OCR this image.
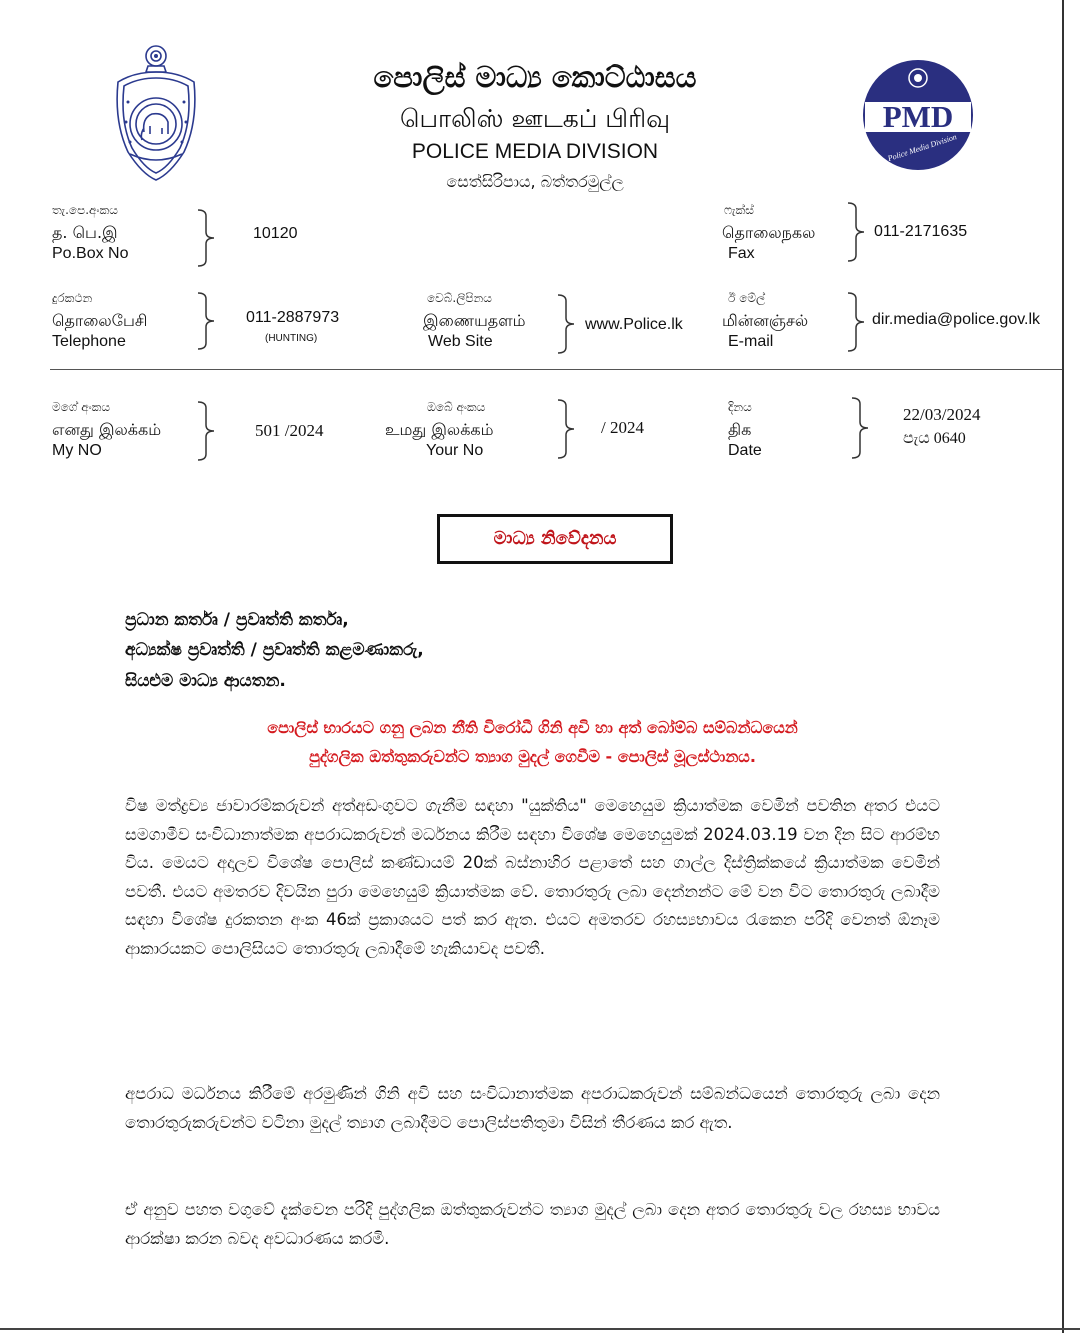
PMD
Police Media Division
පොලිස් මාධ්‍ය කොට්ඨාසය
பொலிஸ் ஊடகப் பிரிவு
POLICE MEDIA DIVISION
සෙත්සිරිපාය, බත්තරමුල්ල
තැ.පෙ.අංකය
த. பெ.இ
Po.Box No
10120
ෆැක්ස්
தொலைநகல
Fax
011-2171635
දුරකථන
தொலைபேசி
Telephone
011-2887973
(HUNTING)
වෙබ්.ලිපිනය
இணையதளம்
Web Site
www.Police.lk
ඊ මේල්
மின்னஞ்சல்
E-mail
dir.media@police.gov.lk
මගේ අංකය
எனது இலக்கம்
My NO
501 /2024
ඔබේ අංකය
உமது இலக்கம்
Your No
/ 2024
දිනය
திக
Date
22/03/2024
පැය 0640
මාධ්‍ය නිවේදනය
ප්‍රධාන කර්තෘ / ප්‍රවෘත්ති කර්තෘ,
අධ්‍යක්ෂ ප්‍රවෘත්ති / ප්‍රවෘත්ති කළමණාකරු,
සියළුම මාධ්‍ය ආයතන.
පොලිස් භාරයට ගනු ලබන නීති විරෝධී ගිනි අවි හා අත් බෝම්බ සම්බන්ධයෙන්
පුද්ගලික ඔත්තුකරුවන්ට ත්‍යාග මුදල් ගෙවීම - පොලිස් මූලස්ථානය.
විෂ මත්ද්‍රව්‍ය ජාවාරම්කරුවන් අත්අඩංගුවට ගැනීම සඳහා "යුක්තිය" මෙහෙයුම ක්‍රියාත්මක වෙමින් පවතින අතර එයට සමගාමීව සංවිධානාත්මක අපරාධකරුවන් මර්ධනය කිරීම සඳහා විශේෂ මෙහෙයුමක් 2024.03.19 වන දින සිට ආරම්භ විය. මෙයට අදාලව විශේෂ පොලිස් කණ්ඩායම් 20ක් බස්නාහිර පළාතේ සහ ගාල්ල දිස්ත්‍රික්කයේ ක්‍රියාත්මක වෙමින් පවතී. එයට අමතරව දිවයින පුරා මෙහෙයුම් ක්‍රියාත්මක වේ. තොරතුරු ලබා දෙන්නන්ට මේ වන විට තොරතුරු ලබාදීම සඳහා විශේෂ දුරකතන අංක 46ක් ප්‍රකාශයට පත් කර ඇත. එයට අමතරව රහස්‍යභාවය රැකෙන පරිදි වෙනත් ඕනෑම ආකාරයකට පොලිසියට තොරතුරු ලබාදීමේ හැකියාවද පවතී.
අපරාධ මර්ධනය කිරීමේ අරමුණින් ගිනි අවි සහ සංවිධානාත්මක අපරාධකරුවන් සම්බන්ධයෙන් තොරතුරු ලබා දෙන තොරතුරුකරුවන්ට වටිනා මුදල් ත්‍යාග ලබාදීමට පොලිස්පතිතුමා විසින් තීරණය කර ඇත.
ඒ අනුව පහත වගුවේ දැක්වෙන පරිදි පුද්ගලික ඔත්තුකරුවන්ට ත්‍යාග මුදල් ලබා දෙන අතර තොරතුරු වල රහස්‍ය භාවය ආරක්ෂා කරන බවද අවධාරණය කරමි.
